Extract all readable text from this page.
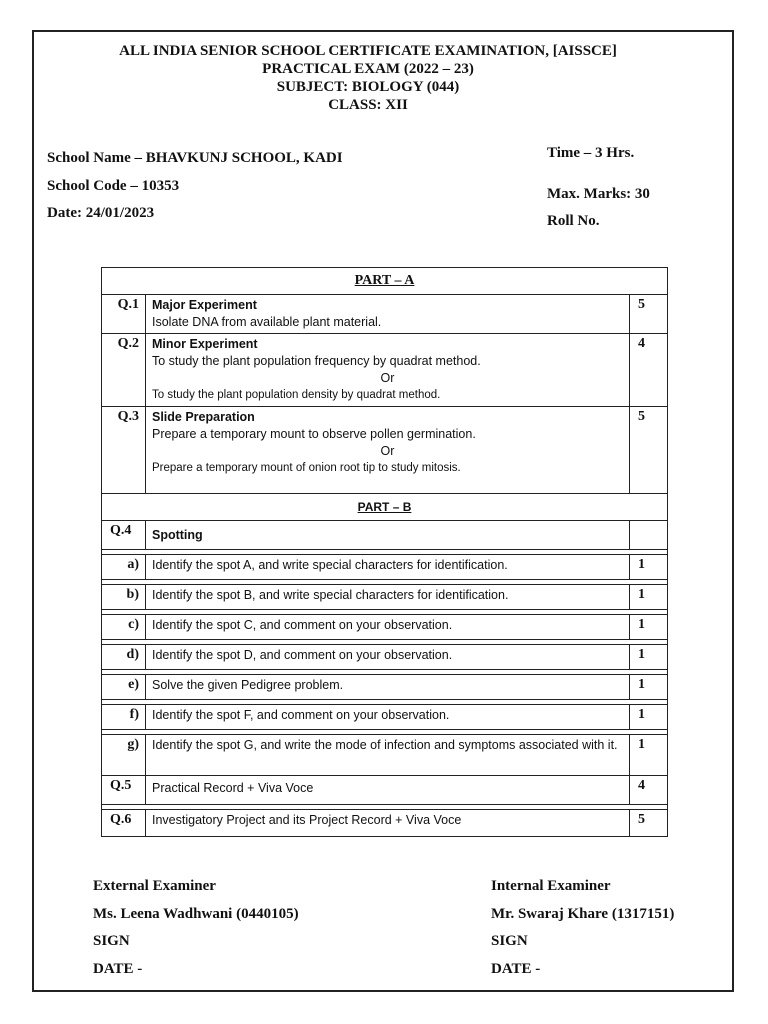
ALL INDIA SENIOR SCHOOL CERTIFICATE EXAMINATION, [AISSCE]
PRACTICAL EXAM (2022 – 23)
SUBJECT: BIOLOGY (044)
CLASS: XII
School Name – BHAVKUNJ SCHOOL, KADI
School Code – 10353
Date: 24/01/2023
Time – 3 Hrs.
Max. Marks: 30
Roll No.
PART – A		
Q.1	Major Experiment
Isolate DNA from available plant material.	5
Q.2	Minor Experiment
To study the plant population frequency by quadrat method.
Or
To study the plant population density by quadrat method.	4
Q.3	Slide Preparation
Prepare a temporary mount to observe pollen germination.
Or
Prepare a temporary mount of onion root tip to study mitosis.	5
PART – B		
Q.4	Spotting	

a)	Identify the spot A, and write special characters for identification.	1

b)	Identify the spot B, and write special characters for identification.	1

c)	Identify the spot C, and comment on your observation.	1

d)	Identify the spot D, and comment on your observation.	1

e)	Solve the given Pedigree problem.	1

f)	Identify the spot F, and comment on your observation.	1

g)	Identify the spot G, and write the mode of infection and symptoms associated with it.	1
Q.5	Practical Record + Viva Voce	4

Q.6	Investigatory Project and its Project Record + Viva Voce	5
External Examiner
Ms. Leena Wadhwani (0440105)
SIGN
DATE -
Internal Examiner
Mr. Swaraj Khare (1317151)
SIGN
DATE -
